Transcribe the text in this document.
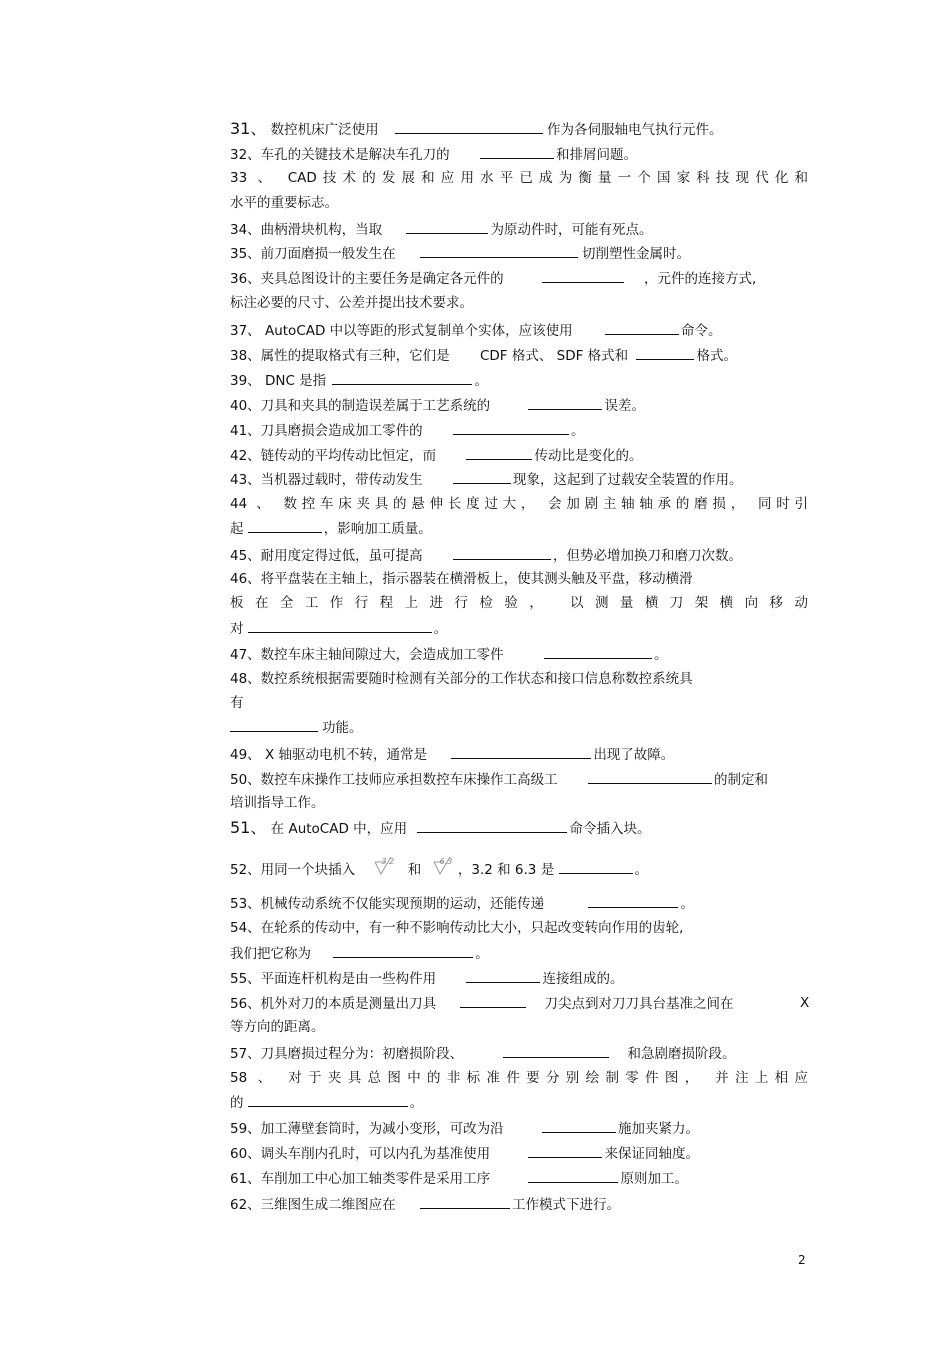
31、 数控机床广泛使用	作为各伺服轴电气执行元件。
32、车孔的关键技术是解决车孔刀的	和排屑问题。
33 、 CAD技术的发展和应用水平已成为衡量一个国家科技现代化和
水平的重要标志。
34、曲柄滑块机构，当取	为原动件时，可能有死点。
35、前刀面磨损一般发生在	切削塑性金属时。
36、夹具总图设计的主要任务是确定各元件的	，元件的连接方式,
标注必要的尺寸、公差并提出技术要求。
37、 AutoCAD 中以等距的形式复制单个实体，应该使用	命令。
38、属性的提取格式有三种，它们是 CDF 格式、 SDF 格式和	格式。
39、 DNC 是指	。
40、刀具和夹具的制造误差属于工艺系统的	误差。
41、刀具磨损会造成加工零件的	。
42、链传动的平均传动比恒定，而	传动比是变化的。
43、当机器过载时，带传动发生	现象，这起到了过载安全装置的作用。
44 、 数控车床夹具的悬伸长度过大， 会加剧主轴轴承的磨损， 同时引
起	，影响加工质量。
45、耐用度定得过低，虽可提高	，但势必增加换刀和磨刀次数。
46、将平盘装在主轴上，指示器装在横滑板上，使其测头触及平盘，移动横滑
板在全工作行程上进行检验， 以测量横刀架横向移动
对	。
47、数控车床主轴间隙过大，会造成加工零件	。
48、数控系统根据需要随时检测有关部分的工作状态和接口信息称数控系统具
有
功能。
49、 X 轴驱动电机不转，通常是	出现了故障。
50、数控车床操作工技师应承担数控车床操作工高级工	的制定和
培训指导工作。
51、 在 AutoCAD 中，应用	命令插入块。
52、用同一个块插入
3.2
和
6.3
，3.2 和 6.3 是	。
53、机械传动系统不仅能实现预期的运动，还能传递	。
54、在轮系的传动中，有一种不影响传动比大小，只起改变转向作用的齿轮,
我们把它称为	。
55、平面连杆机构是由一些构件用	连接组成的。
56、机外对刀的本质是测量出刀具	刀尖点到对刀刀具台基准之间在	X
等方向的距离。
57、刀具磨损过程分为：初磨损阶段、	和急剧磨损阶段。
58 、 对于夹具总图中的非标准件要分别绘制零件图， 并注上相应
的	。
59、加工薄壁套筒时，为减小变形，可改为沿	施加夹紧力。
60、调头车削内孔时，可以内孔为基准使用	来保证同轴度。
61、车削加工中心加工轴类零件是采用工序	原则加工。
62、三维图生成二维图应在	工作模式下进行。
2
